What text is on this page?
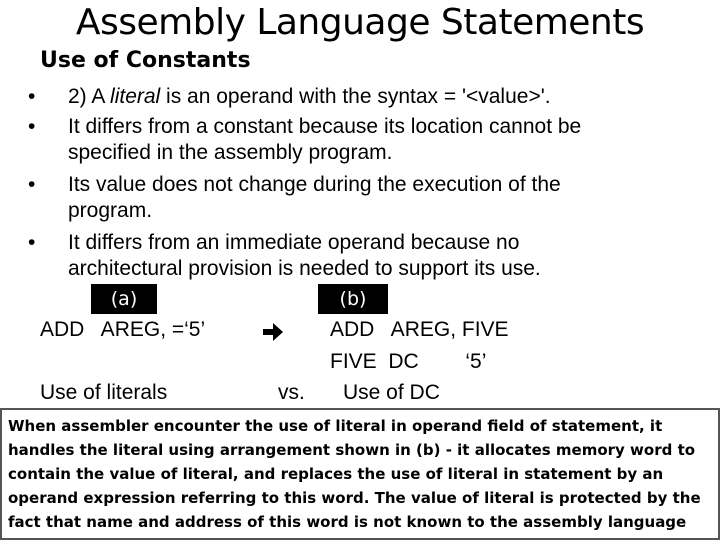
Assembly Language Statements
Use of Constants
• 2) A literal is an operand with the syntax = '<value>'.
• It differs from a constant because its location cannot be
specified in the assembly program.
• Its value does not change during the execution of the
program.
• It differs from an immediate operand because no
architectural provision is needed to support its use.
(a)	(b)
ADD   AREG, =‘5’	ADD   AREG, FIVE
FIVE  DC        ‘5’
Use of literals	vs. Use of DC
When assembler encounter the use of literal in operand field of statement, it
handles the literal using arrangement shown in (b) - it allocates memory word to
contain the value of literal, and replaces the use of literal in statement by an
operand expression referring to this word. The value of literal is protected by the
fact that name and address of this word is not known to the assembly language
